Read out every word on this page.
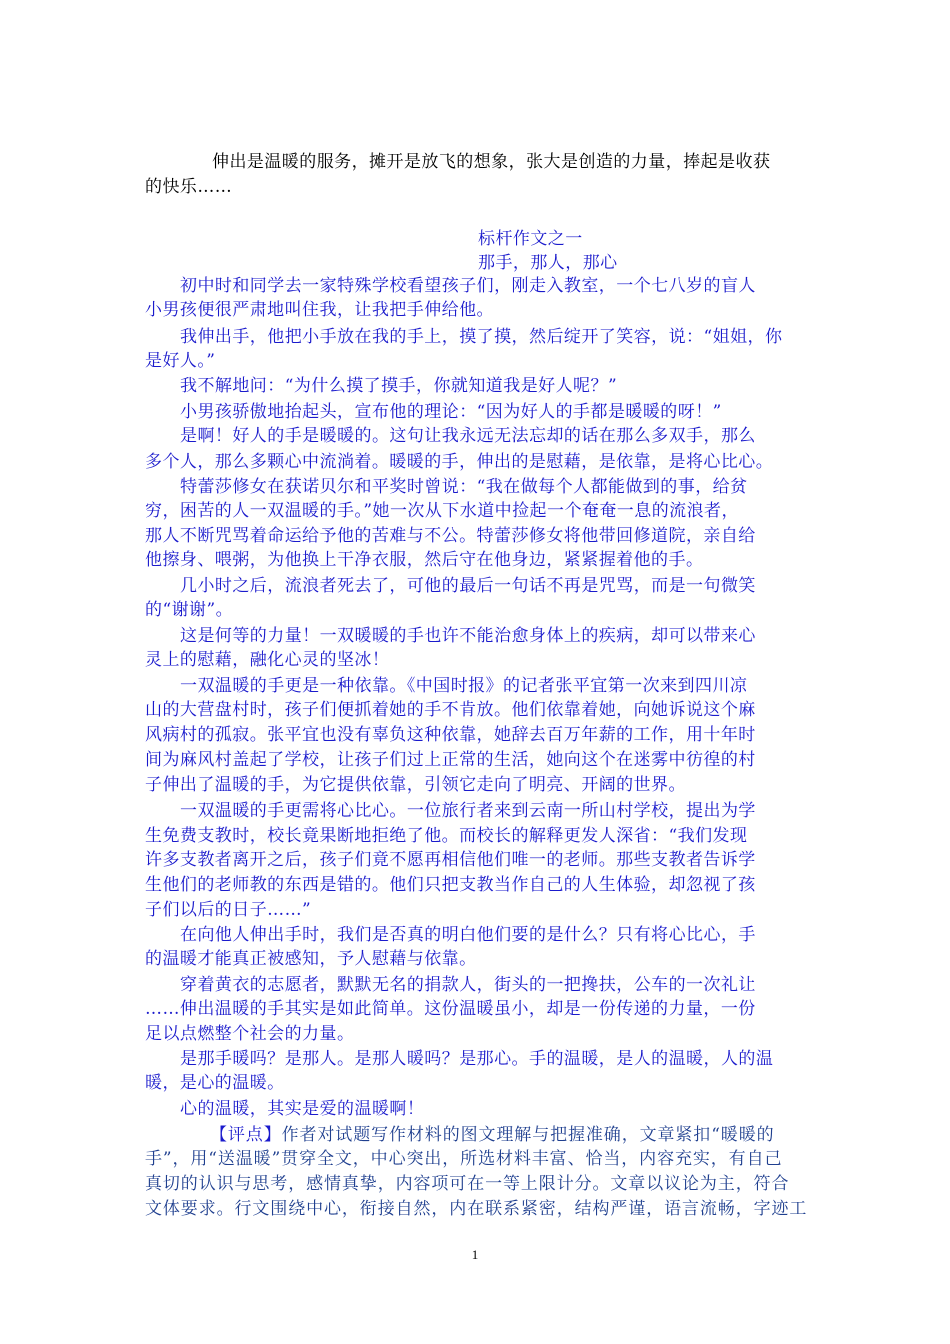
伸出是温暖的服务，摊开是放飞的想象，张大是创造的力量，捧起是收获
的快乐……
标杆作文之一
那手，那人，那心
初中时和同学去一家特殊学校看望孩子们，刚走入教室，一个七八岁的盲人
小男孩便很严肃地叫住我，让我把手伸给他。
我伸出手，他把小手放在我的手上，摸了摸，然后绽开了笑容，说：“姐姐，你
是好人。”
我不解地问：“为什么摸了摸手，你就知道我是好人呢？”
小男孩骄傲地抬起头，宣布他的理论：“因为好人的手都是暖暖的呀！”
是啊！好人的手是暖暖的。这句让我永远无法忘却的话在那么多双手，那么
多个人，那么多颗心中流淌着。暖暖的手，伸出的是慰藉，是依靠，是将心比心。
特蕾莎修女在获诺贝尔和平奖时曾说：“我在做每个人都能做到的事，给贫
穷，困苦的人一双温暖的手。”她一次从下水道中捡起一个奄奄一息的流浪者，
那人不断咒骂着命运给予他的苦难与不公。特蕾莎修女将他带回修道院，亲自给
他擦身、喂粥，为他换上干净衣服，然后守在他身边，紧紧握着他的手。
几小时之后，流浪者死去了，可他的最后一句话不再是咒骂，而是一句微笑
的“谢谢”。
这是何等的力量！一双暖暖的手也许不能治愈身体上的疾病，却可以带来心
灵上的慰藉，融化心灵的坚冰！
一双温暖的手更是一种依靠。《中国时报》的记者张平宜第一次来到四川凉
山的大营盘村时，孩子们便抓着她的手不肯放。他们依靠着她，向她诉说这个麻
风病村的孤寂。张平宜也没有辜负这种依靠，她辞去百万年薪的工作，用十年时
间为麻风村盖起了学校，让孩子们过上正常的生活，她向这个在迷雾中彷徨的村
子伸出了温暖的手，为它提供依靠，引领它走向了明亮、开阔的世界。
一双温暖的手更需将心比心。一位旅行者来到云南一所山村学校，提出为学
生免费支教时，校长竟果断地拒绝了他。而校长的解释更发人深省：“我们发现
许多支教者离开之后，孩子们竟不愿再相信他们唯一的老师。那些支教者告诉学
生他们的老师教的东西是错的。他们只把支教当作自己的人生体验，却忽视了孩
子们以后的日子……”
在向他人伸出手时，我们是否真的明白他们要的是什么？只有将心比心，手
的温暖才能真正被感知，予人慰藉与依靠。
穿着黄衣的志愿者，默默无名的捐款人，街头的一把搀扶，公车的一次礼让
……伸出温暖的手其实是如此简单。这份温暖虽小，却是一份传递的力量，一份
足以点燃整个社会的力量。
是那手暖吗？是那人。是那人暖吗？是那心。手的温暖，是人的温暖，人的温
暖，是心的温暖。
心的温暖，其实是爱的温暖啊！
【评点】作者对试题写作材料的图文理解与把握准确，文章紧扣“暖暖的
手”，用“送温暖”贯穿全文，中心突出，所选材料丰富、恰当，内容充实，有自己
真切的认识与思考，感情真挚，内容项可在一等上限计分。文章以议论为主，符合
文体要求。行文围绕中心，衔接自然，内在联系紧密，结构严谨，语言流畅，字迹工
1
